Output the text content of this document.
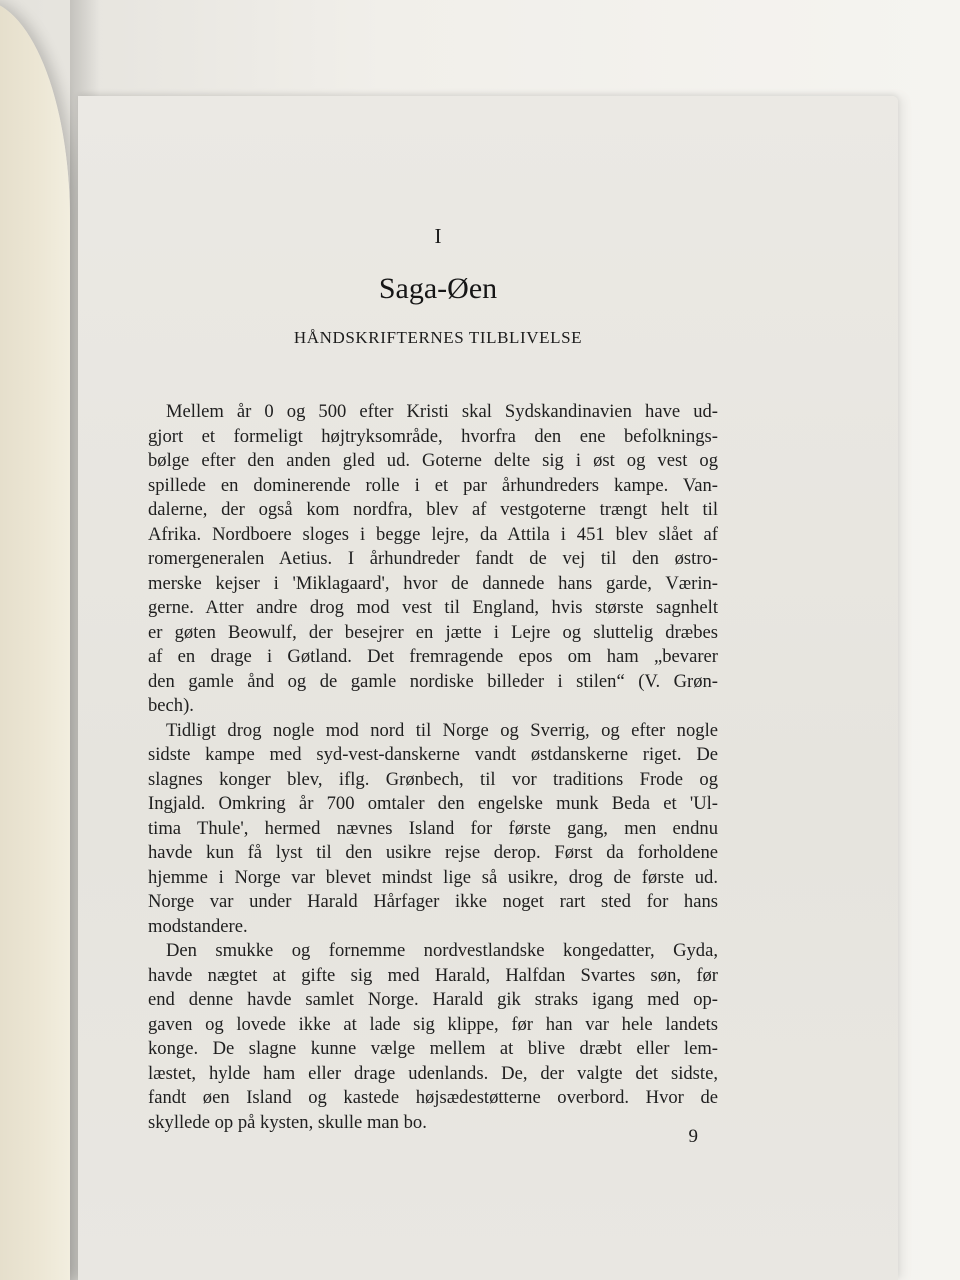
I
Saga-Øen
HÅNDSKRIFTERNES TILBLIVELSE

Mellem år 0 og 500 efter Kristi skal Sydskandinavien have ud-
gjort et formeligt højtryksområde, hvorfra den ene befolknings-
bølge efter den anden gled ud. Goterne delte sig i øst og vest og
spillede en dominerende rolle i et par århundreders kampe. Van-
dalerne, der også kom nordfra, blev af vestgoterne trængt helt til
Afrika. Nordboere sloges i begge lejre, da Attila i 451 blev slået af
romergeneralen Aetius. I århundreder fandt de vej til den østro-
merske kejser i 'Miklagaard', hvor de dannede hans garde, Værin-
gerne. Atter andre drog mod vest til England, hvis største sagnhelt
er gøten Beowulf, der besejrer en jætte i Lejre og sluttelig dræbes
af en drage i Gøtland. Det fremragende epos om ham „bevarer
den gamle ånd og de gamle nordiske billeder i stilen“ (V. Grøn-
bech).

Tidligt drog nogle mod nord til Norge og Sverrig, og efter nogle
sidste kampe med syd-vest-danskerne vandt østdanskerne riget. De
slagnes konger blev, iflg. Grønbech, til vor traditions Frode og
Ingjald. Omkring år 700 omtaler den engelske munk Beda et 'Ul-
tima Thule', hermed nævnes Island for første gang, men endnu
havde kun få lyst til den usikre rejse derop. Først da forholdene
hjemme i Norge var blevet mindst lige så usikre, drog de første ud.
Norge var under Harald Hårfager ikke noget rart sted for hans
modstandere.

Den smukke og fornemme nordvestlandske kongedatter, Gyda,
havde nægtet at gifte sig med Harald, Halfdan Svartes søn, før
end denne havde samlet Norge. Harald gik straks igang med op-
gaven og lovede ikke at lade sig klippe, før han var hele landets
konge. De slagne kunne vælge mellem at blive dræbt eller lem-
læstet, hylde ham eller drage udenlands. De, der valgte det sidste,
fandt øen Island og kastede højsædestøtterne overbord. Hvor de
skyllede op på kysten, skulle man bo.

9
